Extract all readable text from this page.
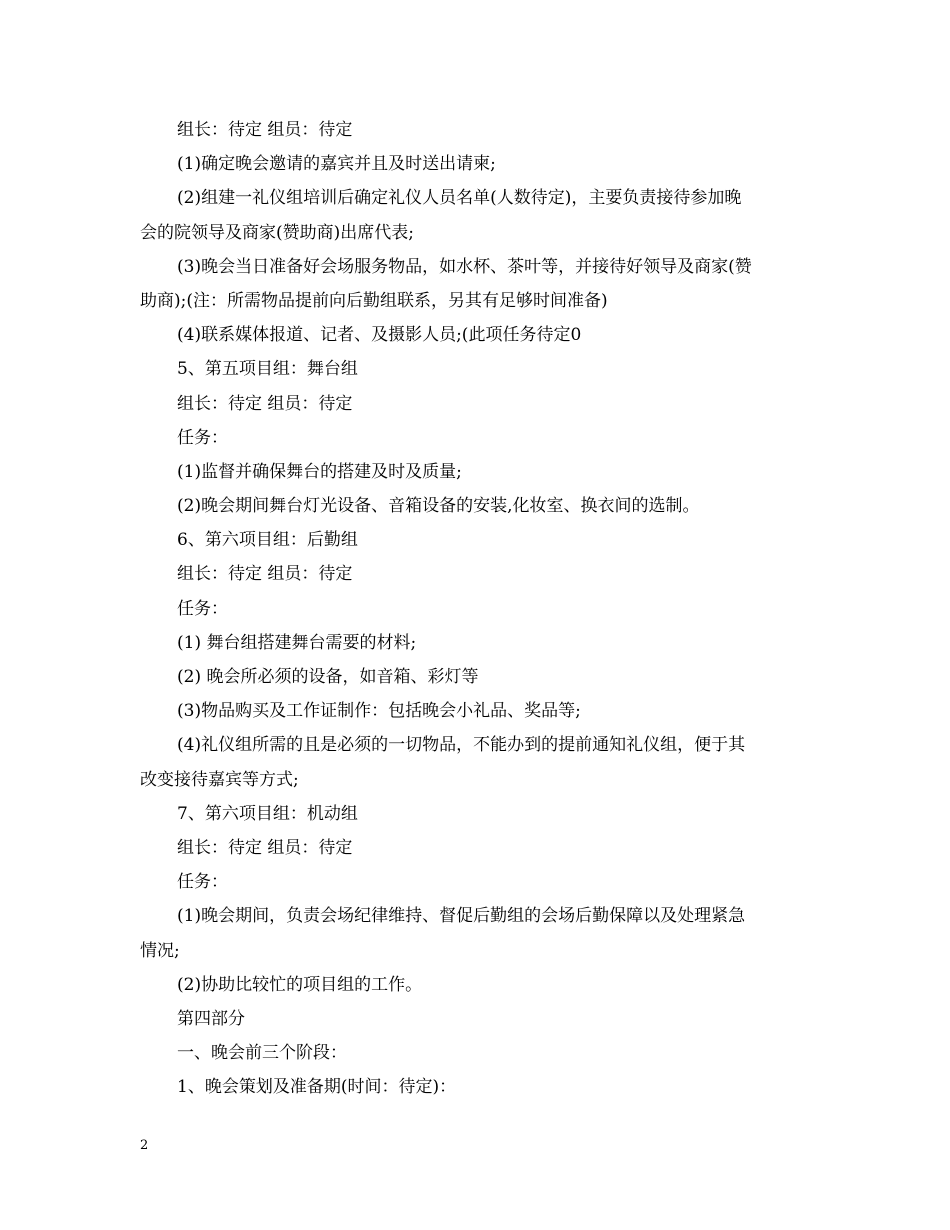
组长：待定 组员：待定
(1)确定晚会邀请的嘉宾并且及时送出请柬;
(2)组建一礼仪组培训后确定礼仪人员名单(人数待定)，主要负责接待参加晚
会的院领导及商家(赞助商)出席代表;
(3)晚会当日准备好会场服务物品，如水杯、茶叶等，并接待好领导及商家(赞
助商);(注：所需物品提前向后勤组联系，另其有足够时间准备)
(4)联系媒体报道、记者、及摄影人员;(此项任务待定0
5、第五项目组：舞台组
组长：待定 组员：待定
任务：
(1)监督并确保舞台的搭建及时及质量;
(2)晚会期间舞台灯光设备、音箱设备的安装,化妆室、换衣间的选制。
6、第六项目组：后勤组
组长：待定 组员：待定
任务：
(1) 舞台组搭建舞台需要的材料;
(2) 晚会所必须的设备，如音箱、彩灯等
(3)物品购买及工作证制作：包括晚会小礼品、奖品等;
(4)礼仪组所需的且是必须的一切物品，不能办到的提前通知礼仪组，便于其
改变接待嘉宾等方式;
7、第六项目组：机动组
组长：待定 组员：待定
任务：
(1)晚会期间，负责会场纪律维持、督促后勤组的会场后勤保障以及处理紧急
情况;
(2)协助比较忙的项目组的工作。
第四部分
一、晚会前三个阶段：
1、晚会策划及准备期(时间：待定)：
2
